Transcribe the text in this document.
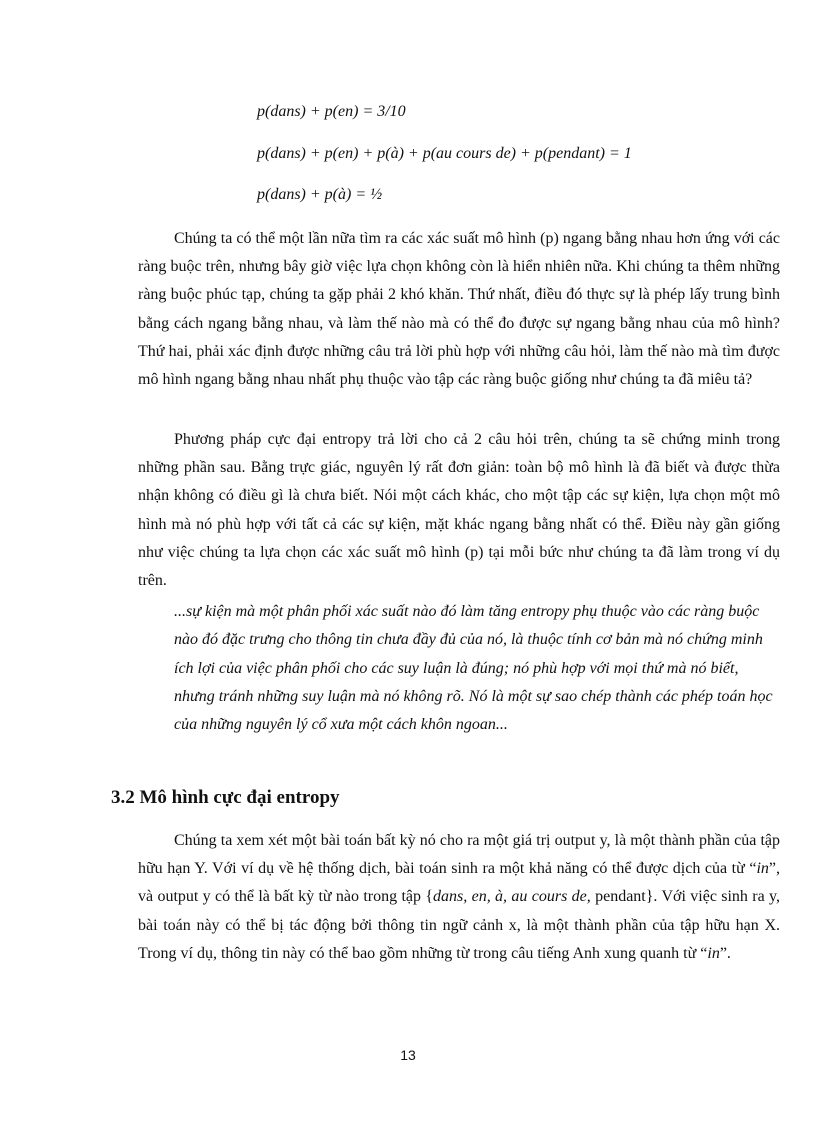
p(dans) + p(en) = 3/10
p(dans) + p(en) + p(à) + p(au cours de) + p(pendant) = 1
p(dans) + p(à) = ½

Chúng ta có thể một lần nữa tìm ra các xác suất mô hình (p) ngang bằng nhau hơn ứng với các ràng buộc trên, nhưng bây giờ việc lựa chọn không còn là hiển nhiên nữa. Khi chúng ta thêm những ràng buộc phúc tạp, chúng ta gặp phải 2 khó khăn. Thứ nhất, điều đó thực sự là phép lấy trung bình bằng cách ngang bằng nhau, và làm thế nào mà có thể đo được sự ngang bằng nhau của mô hình? Thứ hai, phải xác định được những câu trả lời phù hợp với những câu hỏi, làm thế nào mà tìm được mô hình ngang bằng nhau nhất phụ thuộc vào tập các ràng buộc giống như chúng ta đã miêu tả?

Phương pháp cực đại entropy trả lời cho cả 2 câu hỏi trên, chúng ta sẽ chứng minh trong những phần sau. Bằng trực giác, nguyên lý rất đơn giản: toàn bộ mô hình là đã biết và được thừa nhận không có điều gì là chưa biết. Nói một cách khác, cho một tập các sự kiện, lựa chọn một mô hình mà nó phù hợp với tất cả các sự kiện, mặt khác ngang bằng nhất có thể. Điều này gần giống như việc chúng ta lựa chọn các xác suất mô hình (p) tại mỗi bức như chúng ta đã làm trong ví dụ trên.

...sự kiện mà một phân phối xác suất nào đó làm tăng entropy phụ thuộc vào các ràng buộc nào đó đặc trưng cho thông tin chưa đầy đủ của nó, là thuộc tính cơ bản mà nó chứng minh ích lợi của việc phân phối cho các suy luận là đúng; nó phù hợp với mọi thứ mà nó biết, nhưng tránh những suy luận mà nó không rõ. Nó là một sự sao chép thành các phép toán học của những nguyên lý cổ xưa một cách khôn ngoan...

3.2 Mô hình cực đại entropy

Chúng ta xem xét một bài toán bất kỳ nó cho ra một giá trị output y, là một thành phần của tập hữu hạn Y. Với ví dụ về hệ thống dịch, bài toán sinh ra một khả năng có thể được dịch của từ “in”, và output y có thể là bất kỳ từ nào trong tập {dans, en, à, au cours de, pendant}. Với việc sinh ra y, bài toán này có thể bị tác động bởi thông tin ngữ cảnh x, là một thành phần của tập hữu hạn X. Trong ví dụ, thông tin này có thể bao gồm những từ trong câu tiếng Anh xung quanh từ “in”.

13
